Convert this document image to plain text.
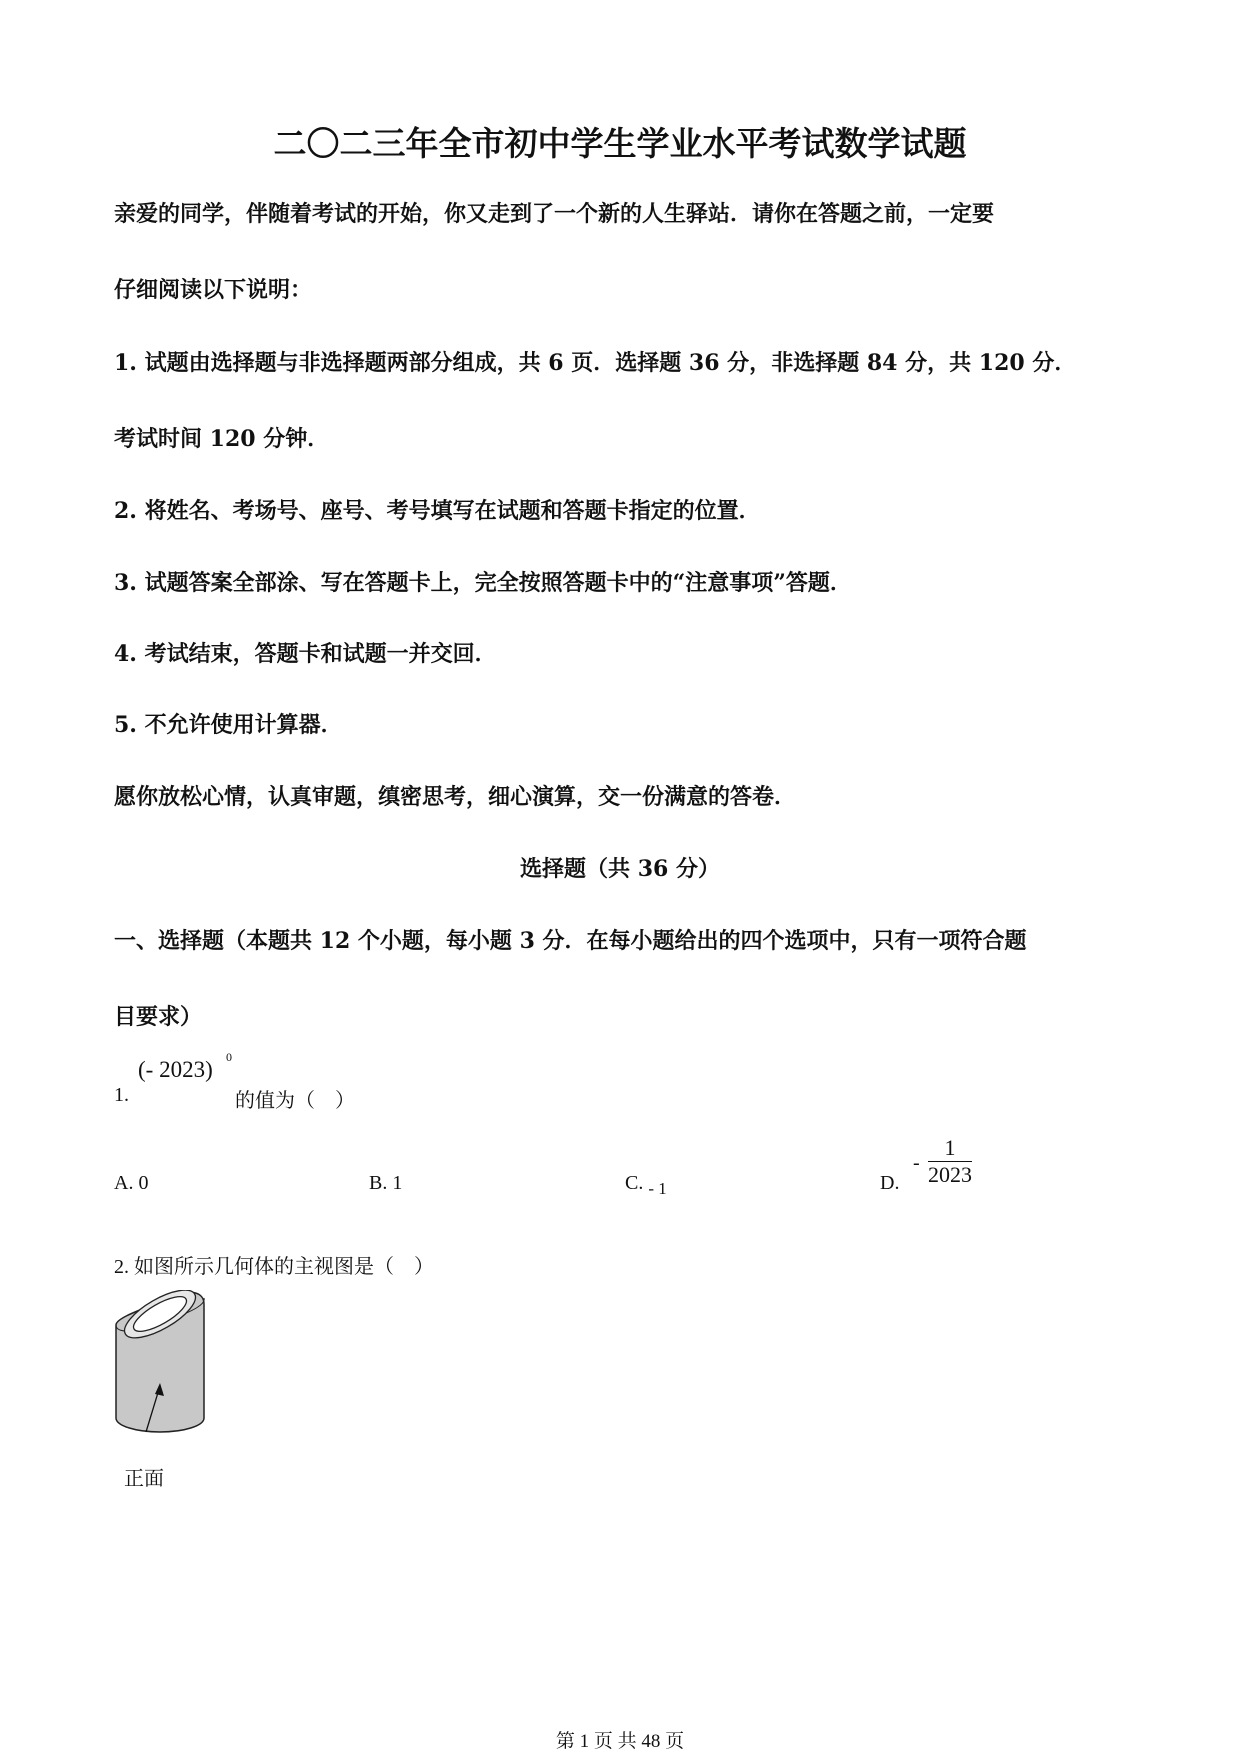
二〇二三年全市初中学生学业水平考试数学试题
亲爱的同学，伴随着考试的开始，你又走到了一个新的人生驿站．请你在答题之前，一定要
仔细阅读以下说明：
1. 试题由选择题与非选择题两部分组成，共 6 页．选择题 36 分，非选择题 84 分，共 120 分．
考试时间 120 分钟．
2. 将姓名、考场号、座号、考号填写在试题和答题卡指定的位置．
3. 试题答案全部涂、写在答题卡上，完全按照答题卡中的“注意事项”答题．
4. 考试结束，答题卡和试题一并交回．
5. 不允许使用计算器．
愿你放松心情，认真审题，缜密思考，细心演算，交一份满意的答卷．
选择题（共 36 分）
一、选择题（本题共 12 个小题，每小题 3 分．在每小题给出的四个选项中，只有一项符合题
目要求）
1.
(- 2023) 0
的值为（　）
A. 0	B. 1	C. $_{- 1}$	D.
- $\frac{1}{2023}$
2. 如图所示几何体的主视图是（　）
正面
第 1 页 共 48 页
